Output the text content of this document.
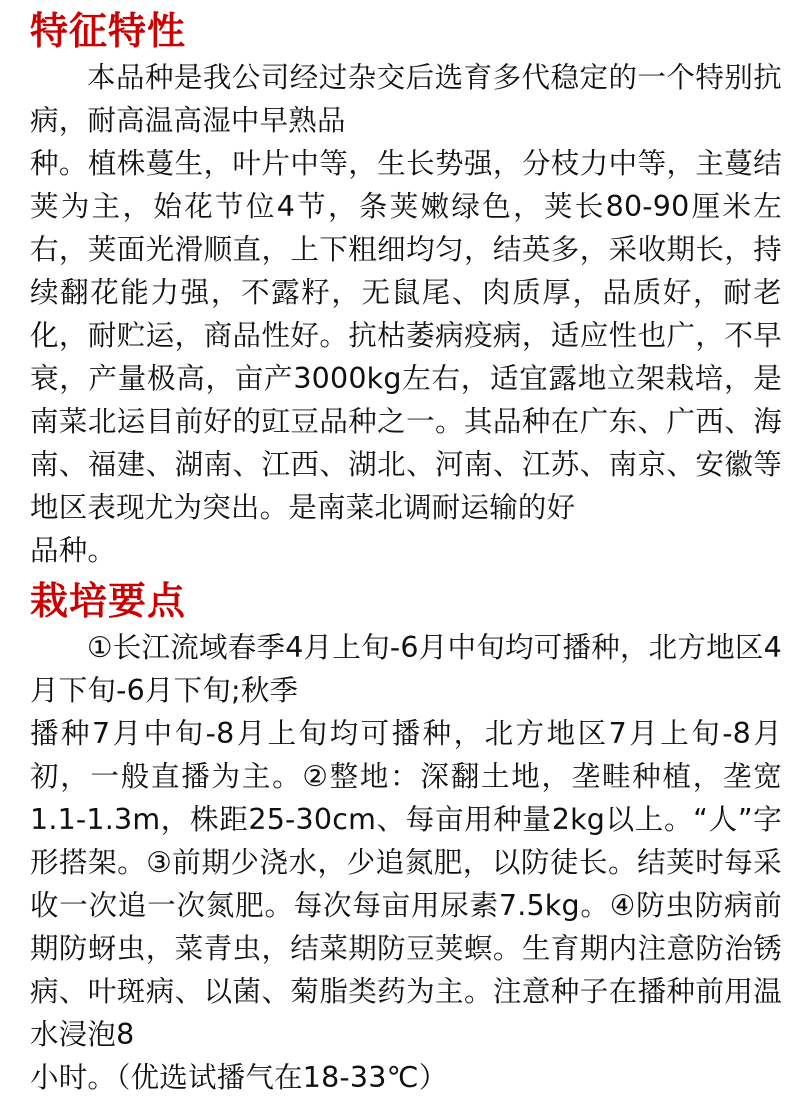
特征特性

本品种是我公司经过杂交后选育多代稳定的一个特别抗病，耐高温高湿中早熟品

种。植株蔓生，叶片中等，生长势强，分枝力中等，主蔓结荚为主，始花节位4节，条荚嫩绿色，荚长80-90厘米左右，荚面光滑顺直，上下粗细均匀，结英多，采收期长，持续翻花能力强，不露籽，无鼠尾、肉质厚，品质好，耐老化，耐贮运，商品性好。抗枯萎病疫病，适应性也广，不早衰，产量极高，亩产3000kg左右，适宜露地立架栽培，是南菜北运目前好的豇豆品种之一。其品种在广东、广西、海南、福建、湖南、江西、湖北、河南、江苏、南京、安徽等地区表现尤为突出。是南菜北调耐运输的好

品种。

栽培要点

①长江流域春季4月上旬-6月中旬均可播种，北方地区4月下旬-6月下旬;秋季

播种7月中旬-8月上旬均可播种，北方地区7月上旬-8月初，一般直播为主。②整地：深翻土地，垄畦种植，垄宽1.1-1.3m，株距25-30cm、每亩用种量2kg以上。“人”字形搭架。③前期少浇水，少追氮肥，以防徒长。结荚时每采收一次追一次氮肥。每次每亩用尿素7.5kg。④防虫防病前期防蚜虫，菜青虫，结菜期防豆荚螟。生育期内注意防治锈病、叶斑病、以菌、菊脂类药为主。注意种子在播种前用温水浸泡8

小时。（优选试播气在18-33℃）
